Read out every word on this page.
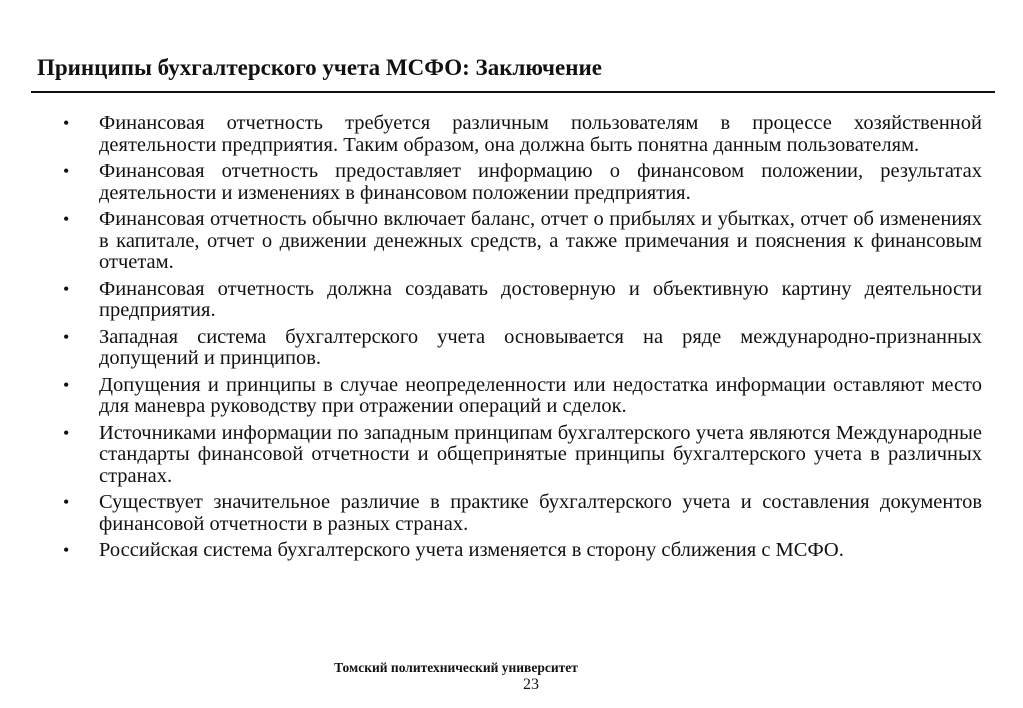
Принципы бухгалтерского учета МСФО: Заключение
• Финансовая отчетность требуется различным пользователям в процессе хозяйственной деятельности предприятия. Таким образом, она должна быть понятна данным пользователям.
• Финансовая отчетность предоставляет информацию о финансовом положении, результатах деятельности и изменениях в финансовом положении предприятия.
• Финансовая отчетность обычно включает баланс, отчет о прибылях и убытках, отчет об изменениях в капитале, отчет о движении денежных средств, а также примечания и пояснения к финансовым отчетам.
• Финансовая отчетность должна создавать достоверную и объективную картину деятельности предприятия.
• Западная система бухгалтерского учета основывается на ряде международно-признанных допущений и принципов.
• Допущения и принципы в случае неопределенности или недостатка информации оставляют место для маневра руководству при отражении операций и сделок.
• Источниками информации по западным принципам бухгалтерского учета являются Международные стандарты финансовой отчетности и общепринятые принципы бухгалтерского учета в различных странах.
• Существует значительное различие в практике бухгалтерского учета и составления документов финансовой отчетности в разных странах.
• Российская система бухгалтерского учета изменяется в сторону сближения с МСФО.
Томский политехнический университет
23
